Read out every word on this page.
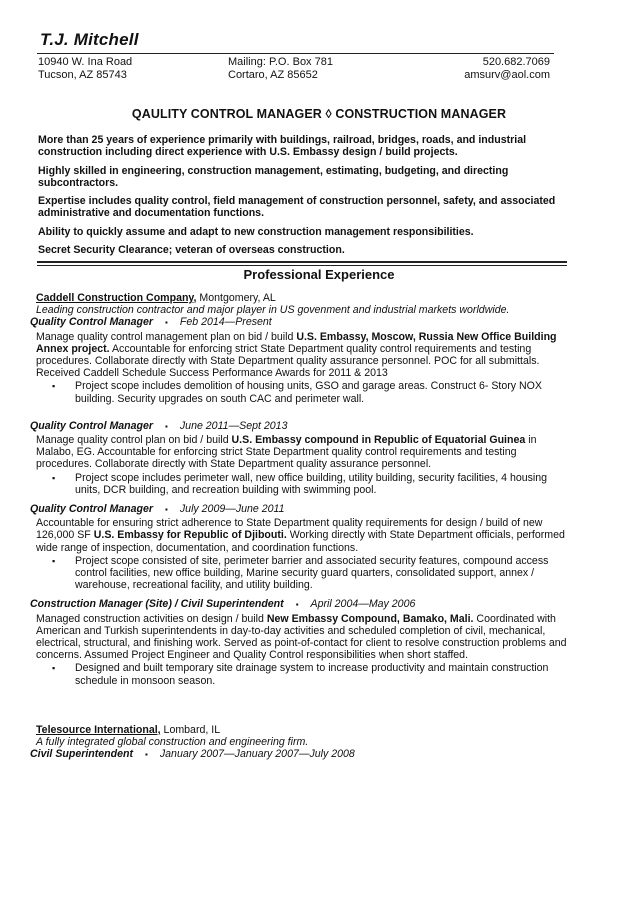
T.J. Mitchell
10940 W. Ina Road
Tucson, AZ 85743
Mailing: P.O. Box 781
Cortaro, AZ 85652
520.682.7069
amsurv@aol.com
QAULITY CONTROL MANAGER ◊ CONSTRUCTION MANAGER

More than 25 years of experience primarily with buildings, railroad, bridges, roads, and industrial construction including direct experience with U.S. Embassy design / build projects.

Highly skilled in engineering, construction management, estimating, budgeting, and directing subcontractors.

Expertise includes quality control, field management of construction personnel, safety, and associated administrative and documentation functions.

Ability to quickly assume and adapt to new construction management responsibilities.

Secret Security Clearance; veteran of overseas construction.

Professional Experience
Caddell Construction Company, Montgomery, AL
Leading construction contractor and major player in US govenment and industrial markets worldwide.
Quality Control Manager ▪ Feb 2014—Present
Manage quality control management plan on bid / build U.S. Embassy, Moscow, Russia New Office Building Annex project. Accountable for enforcing strict State Department quality control requirements and testing procedures. Collaborate directly with State Department quality assurance personnel. POC for all submittals. Received Caddell Schedule Success Performance Awards for 2011 & 2013
▪ Project scope includes demolition of housing units, GSO and garage areas. Construct 6- Story NOX building. Security upgrades on south CAC and perimeter wall.
Quality Control Manager ▪ June 2011—Sept 2013
Manage quality control plan on bid / build U.S. Embassy compound in Republic of Equatorial Guinea in Malabo, EG. Accountable for enforcing strict State Department quality control requirements and testing procedures. Collaborate directly with State Department quality assurance personnel.
▪ Project scope includes perimeter wall, new office building, utility building, security facilities, 4 housing units, DCR building, and recreation building with swimming pool.
Quality Control Manager ▪ July 2009—June 2011
Accountable for ensuring strict adherence to State Department quality requirements for design / build of new 126,000 SF U.S. Embassy for Republic of Djibouti. Working directly with State Department officials, performed wide range of inspection, documentation, and coordination functions.
▪ Project scope consisted of site, perimeter barrier and associated security features, compound access control facilities, new office building, Marine security guard quarters, consolidated support, annex / warehouse, recreational facility, and utility building.
Construction Manager (Site) / Civil Superintendent ▪ April 2004—May 2006
Managed construction activities on design / build New Embassy Compound, Bamako, Mali. Coordinated with American and Turkish superintendents in day-to-day activities and scheduled completion of civil, mechanical, electrical, structural, and finishing work. Served as point-of-contact for client to resolve construction problems and concerns. Assumed Project Engineer and Quality Control responsibilities when short staffed.
▪ Designed and built temporary site drainage system to increase productivity and maintain construction schedule in monsoon season.
Telesource International, Lombard, IL
A fully integrated global construction and engineering firm.
Civil Superintendent ▪ January 2007—January 2007—July 2008
